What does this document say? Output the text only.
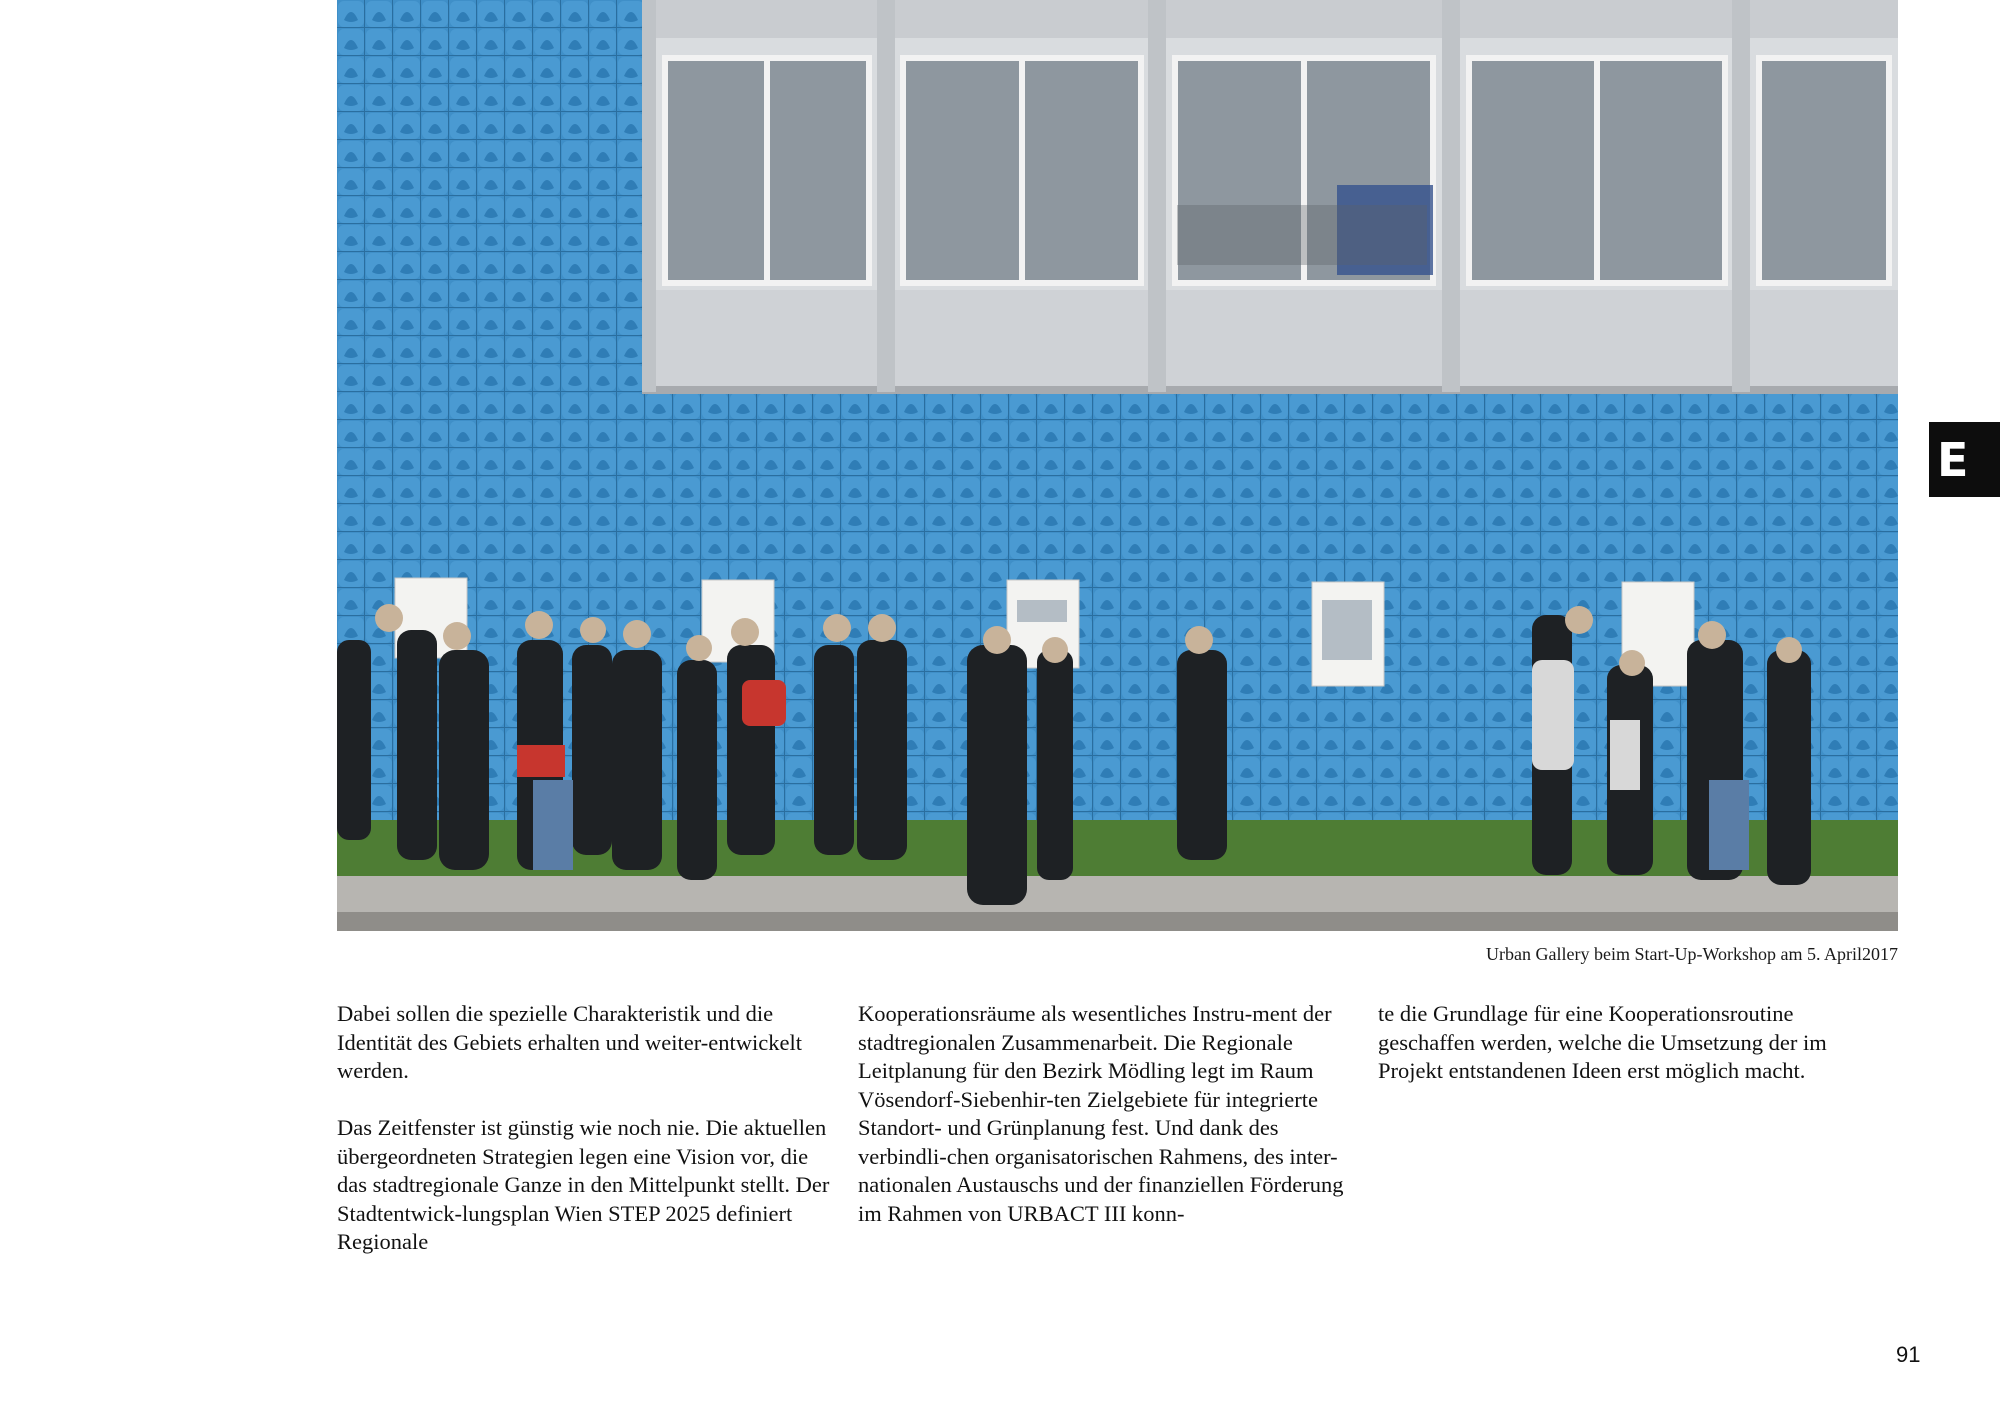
Urban Gallery beim Start-Up-Workshop am 5. April2017

Dabei sollen die spezielle Charakteristik und die Identität des Gebiets erhalten und weiter-entwickelt werden.

Das Zeitfenster ist günstig wie noch nie. Die aktuellen übergeordneten Strategien legen eine Vision vor, die das stadtregionale Ganze in den Mittelpunkt stellt. Der Stadtentwick-lungsplan Wien STEP 2025 definiert Regionale

Kooperationsräume als wesentliches Instru-ment der stadtregionalen Zusammenarbeit. Die Regionale Leitplanung für den Bezirk Mödling legt im Raum Vösendorf-Siebenhir-ten Zielgebiete für integrierte Standort- und Grünplanung fest. Und dank des verbindli-chen organisatorischen Rahmens, des inter-nationalen Austauschs und der finanziellen Förderung im Rahmen von URBACT III konn-

te die Grundlage für eine Kooperationsroutine geschaffen werden, welche die Umsetzung der im Projekt entstandenen Ideen erst möglich macht.

E
91
